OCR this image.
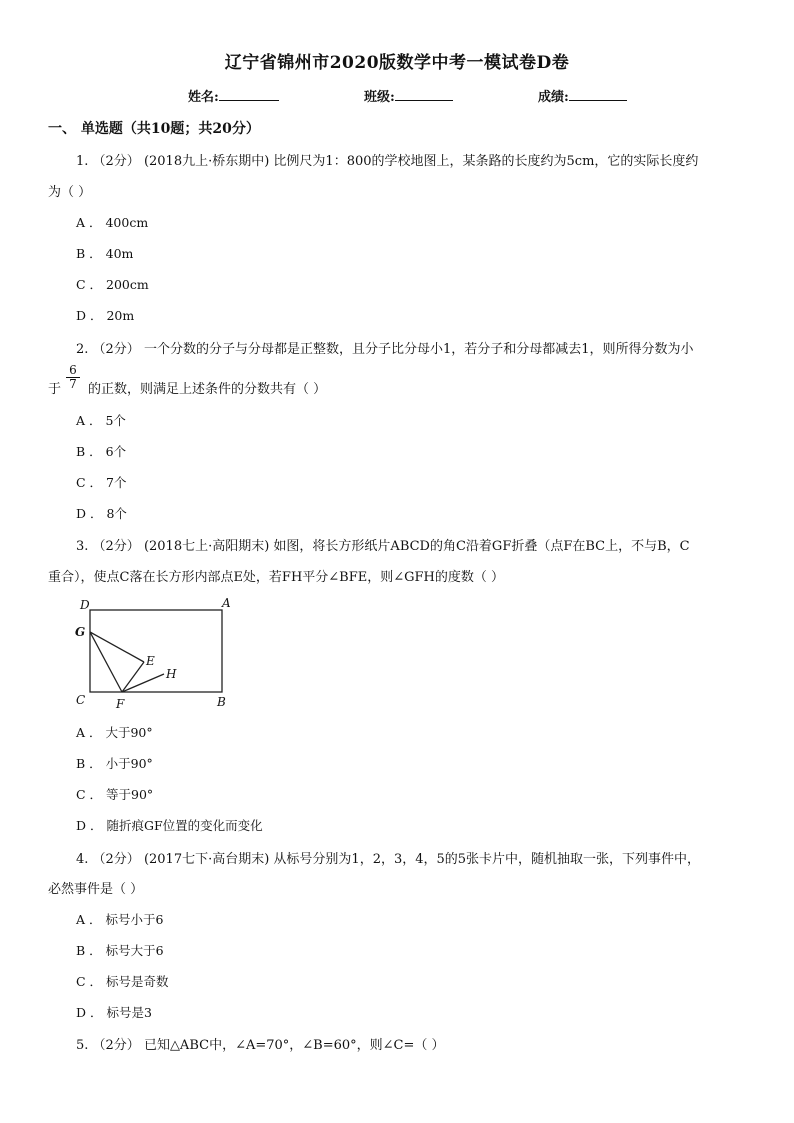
辽宁省锦州市2020版数学中考一模试卷D卷
姓名:	班级:	成绩:
一、 单选题（共10题；共20分）
1. （2分） (2018九上·桥东期中) 比例尺为1：800的学校地图上，某条路的长度约为5cm，它的实际长度约
为（ ）
A ． 400cm
B ． 40m
C ． 200cm
D ． 20m
2. （2分） 一个分数的分子与分母都是正整数，且分子比分母小1，若分子和分母都减去1，则所得分数为小
于 $\frac{6}{7}$ 的正数，则满足上述条件的分数共有（ ）
A ． 5个
B ． 6个
C ． 7个
D ． 8个
3. （2分） (2018七上·高阳期末) 如图，将长方形纸片ABCD的角C沿着GF折叠（点F在BC上，不与B，C
重合），使点C落在长方形内部点E处，若FH平分∠BFE，则∠GFH的度数（ ）
D	A
G
E
H
C	F	B
A ． 大于90°
B ． 小于90°
C ． 等于90°
D ． 随折痕GF位置的变化而变化
4. （2分） (2017七下·高台期末) 从标号分别为1，2，3，4，5的5张卡片中，随机抽取一张，下列事件中，
必然事件是（ ）
A ． 标号小于6
B ． 标号大于6
C ． 标号是奇数
D ． 标号是3
5. （2分） 已知△ABC中，∠A=70°，∠B=60°，则∠C=（ ）
